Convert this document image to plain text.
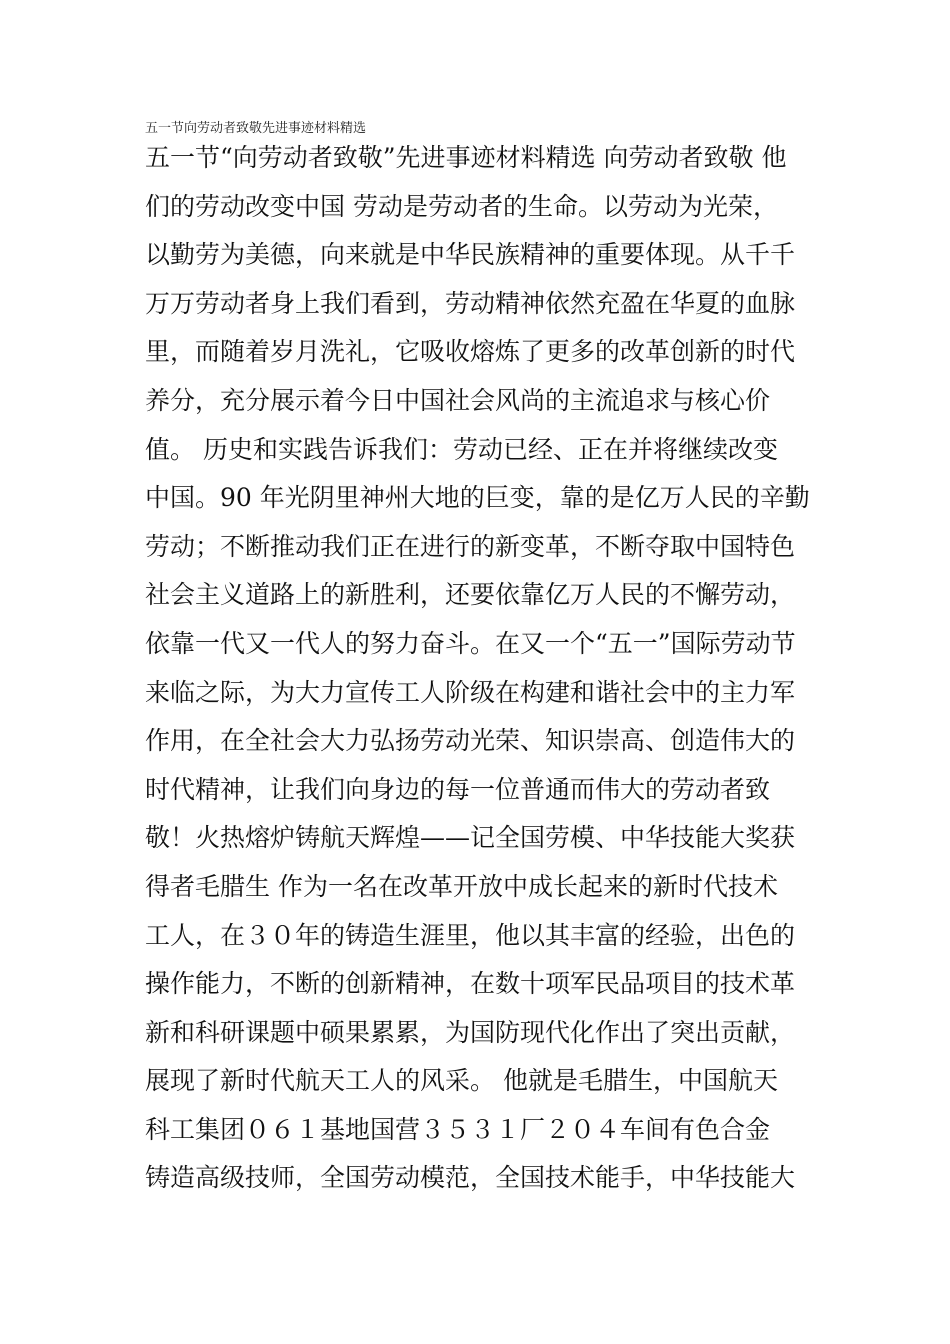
五一节向劳动者致敬先进事迹材料精选
五一节“向劳动者致敬”先进事迹材料精选 向劳动者致敬 他
们的劳动改变中国 劳动是劳动者的生命。以劳动为光荣，
以勤劳为美德，向来就是中华民族精神的重要体现。从千千
万万劳动者身上我们看到，劳动精神依然充盈在华夏的血脉
里，而随着岁月洗礼，它吸收熔炼了更多的改革创新的时代
养分，充分展示着今日中国社会风尚的主流追求与核心价
值。 历史和实践告诉我们：劳动已经、正在并将继续改变
中国。90 年光阴里神州大地的巨变，靠的是亿万人民的辛勤
劳动；不断推动我们正在进行的新变革，不断夺取中国特色
社会主义道路上的新胜利，还要依靠亿万人民的不懈劳动，
依靠一代又一代人的努力奋斗。在又一个“五一”国际劳动节
来临之际，为大力宣传工人阶级在构建和谐社会中的主力军
作用，在全社会大力弘扬劳动光荣、知识崇高、创造伟大的
时代精神，让我们向身边的每一位普通而伟大的劳动者致
敬！火热熔炉铸航天辉煌——记全国劳模、中华技能大奖获
得者毛腊生 作为一名在改革开放中成长起来的新时代技术
工人，在３０年的铸造生涯里，他以其丰富的经验，出色的
操作能力，不断的创新精神，在数十项军民品项目的技术革
新和科研课题中硕果累累，为国防现代化作出了突出贡献，
展现了新时代航天工人的风采。 他就是毛腊生，中国航天
科工集团０６１基地国营３５３１厂２０４车间有色合金
铸造高级技师，全国劳动模范，全国技术能手，中华技能大
